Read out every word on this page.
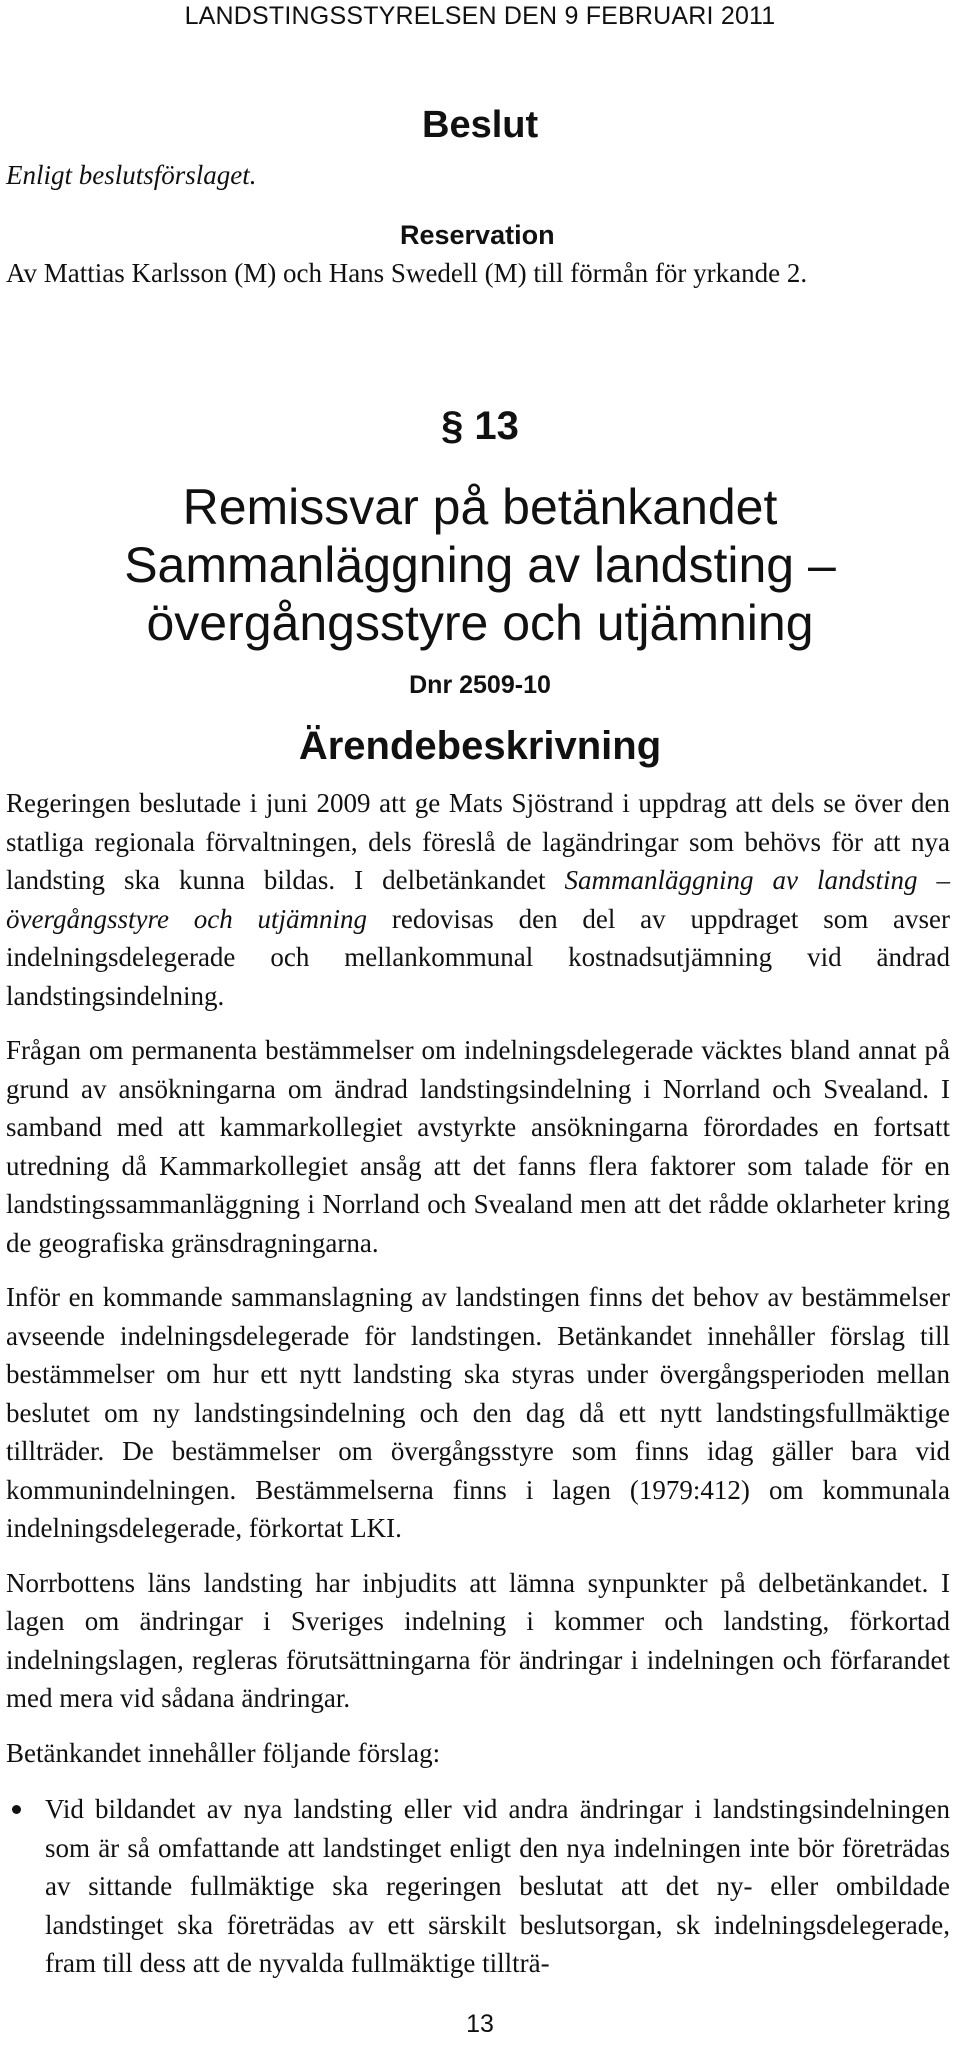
LANDSTINGSSTYRELSEN DEN 9 FEBRUARI 2011
Beslut
Enligt beslutsförslaget.
Reservation
Av Mattias Karlsson (M) och Hans Swedell (M) till förmån för yrkande 2.
§ 13
Remissvar på betänkandet Sammanläggning av landsting – övergångsstyre och utjämning
Dnr 2509-10
Ärendebeskrivning

Regeringen beslutade i juni 2009 att ge Mats Sjöstrand i uppdrag att dels se över den statliga regionala förvaltningen, dels föreslå de lagändringar som behövs för att nya landsting ska kunna bildas. I delbetänkandet Sammanläggning av landsting – övergångsstyre och utjämning redovisas den del av uppdraget som avser indelningsdelegerade och mellankommunal kostnadsutjämning vid ändrad landstingsindelning.

Frågan om permanenta bestämmelser om indelningsdelegerade väcktes bland annat på grund av ansökningarna om ändrad landstingsindelning i Norrland och Svealand. I samband med att kammarkollegiet avstyrkte ansökningarna förordades en fortsatt utredning då Kammarkollegiet ansåg att det fanns flera faktorer som talade för en landstingssammanläggning i Norrland och Svealand men att det rådde oklarheter kring de geografiska gränsdragningarna.

Inför en kommande sammanslagning av landstingen finns det behov av bestämmelser avseende indelningsdelegerade för landstingen. Betänkandet innehåller förslag till bestämmelser om hur ett nytt landsting ska styras under övergångsperioden mellan beslutet om ny landstingsindelning och den dag då ett nytt landstingsfullmäktige tillträder. De bestämmelser om övergångsstyre som finns idag gäller bara vid kommunindelningen. Bestämmelserna finns i lagen (1979:412) om kommunala indelningsdelegerade, förkortat LKI.

Norrbottens läns landsting har inbjudits att lämna synpunkter på delbetänkandet. I lagen om ändringar i Sveriges indelning i kommer och landsting, förkortad indelningslagen, regleras förutsättningarna för ändringar i indelningen och förfarandet med mera vid sådana ändringar.

Betänkandet innehåller följande förslag:

Vid bildandet av nya landsting eller vid andra ändringar i landstingsindelningen som är så omfattande att landstinget enligt den nya indelningen inte bör företrädas av sittande fullmäktige ska regeringen beslutat att det ny- eller ombildade landstinget ska företrädas av ett särskilt beslutsorgan, sk indelningsdelegerade, fram till dess att de nyvalda fullmäktige tillträ-
13
